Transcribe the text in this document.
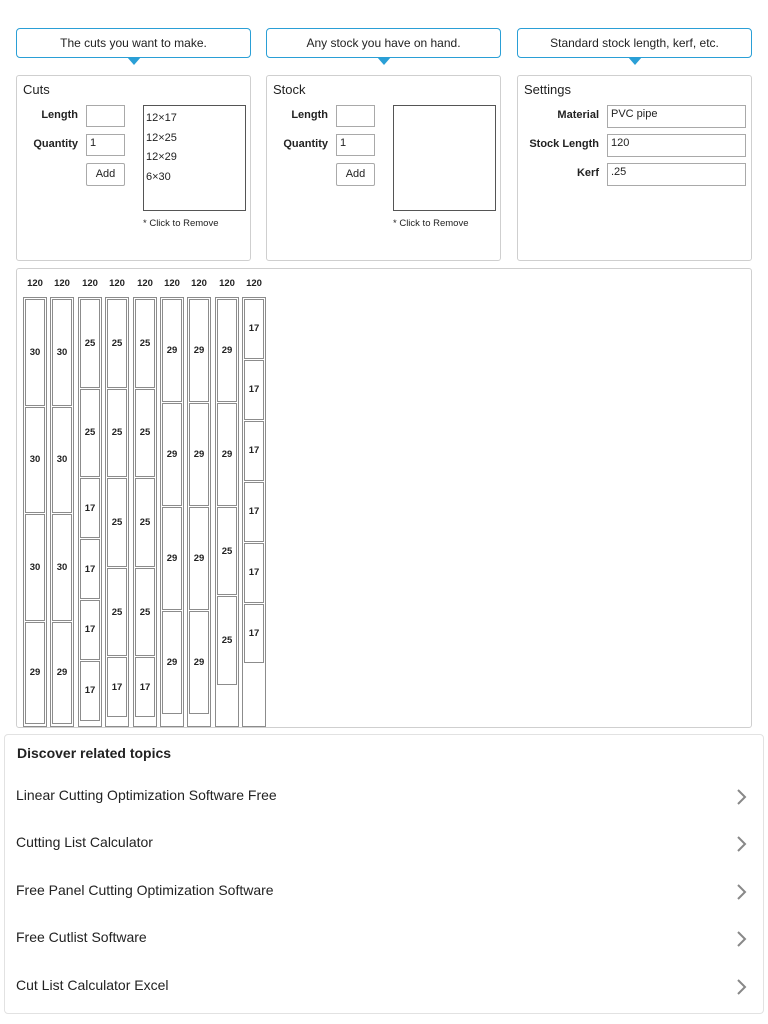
The cuts you want to make.	Any stock you have on hand.	Standard stock length, kerf, etc.
Cuts
Length
Quantity	1
Add
12×17
12×25
12×29
6×30
* Click to Remove
Stock
Length
Quantity	1
Add
* Click to Remove
Settings
Material	PVC pipe
Stock Length	120
Kerf	.25
120
30
30
30
29
120
30
30
30
29
120
25
25
17
17
17
17
120
25
25
25
25
17
120
25
25
25
25
17
120
29
29
29
29
120
29
29
29
29
120
29
29
25
25
120
17
17
17
17
17
17
Discover related topics
Linear Cutting Optimization Software Free
Cutting List Calculator
Free Panel Cutting Optimization Software
Free Cutlist Software
Cut List Calculator Excel
